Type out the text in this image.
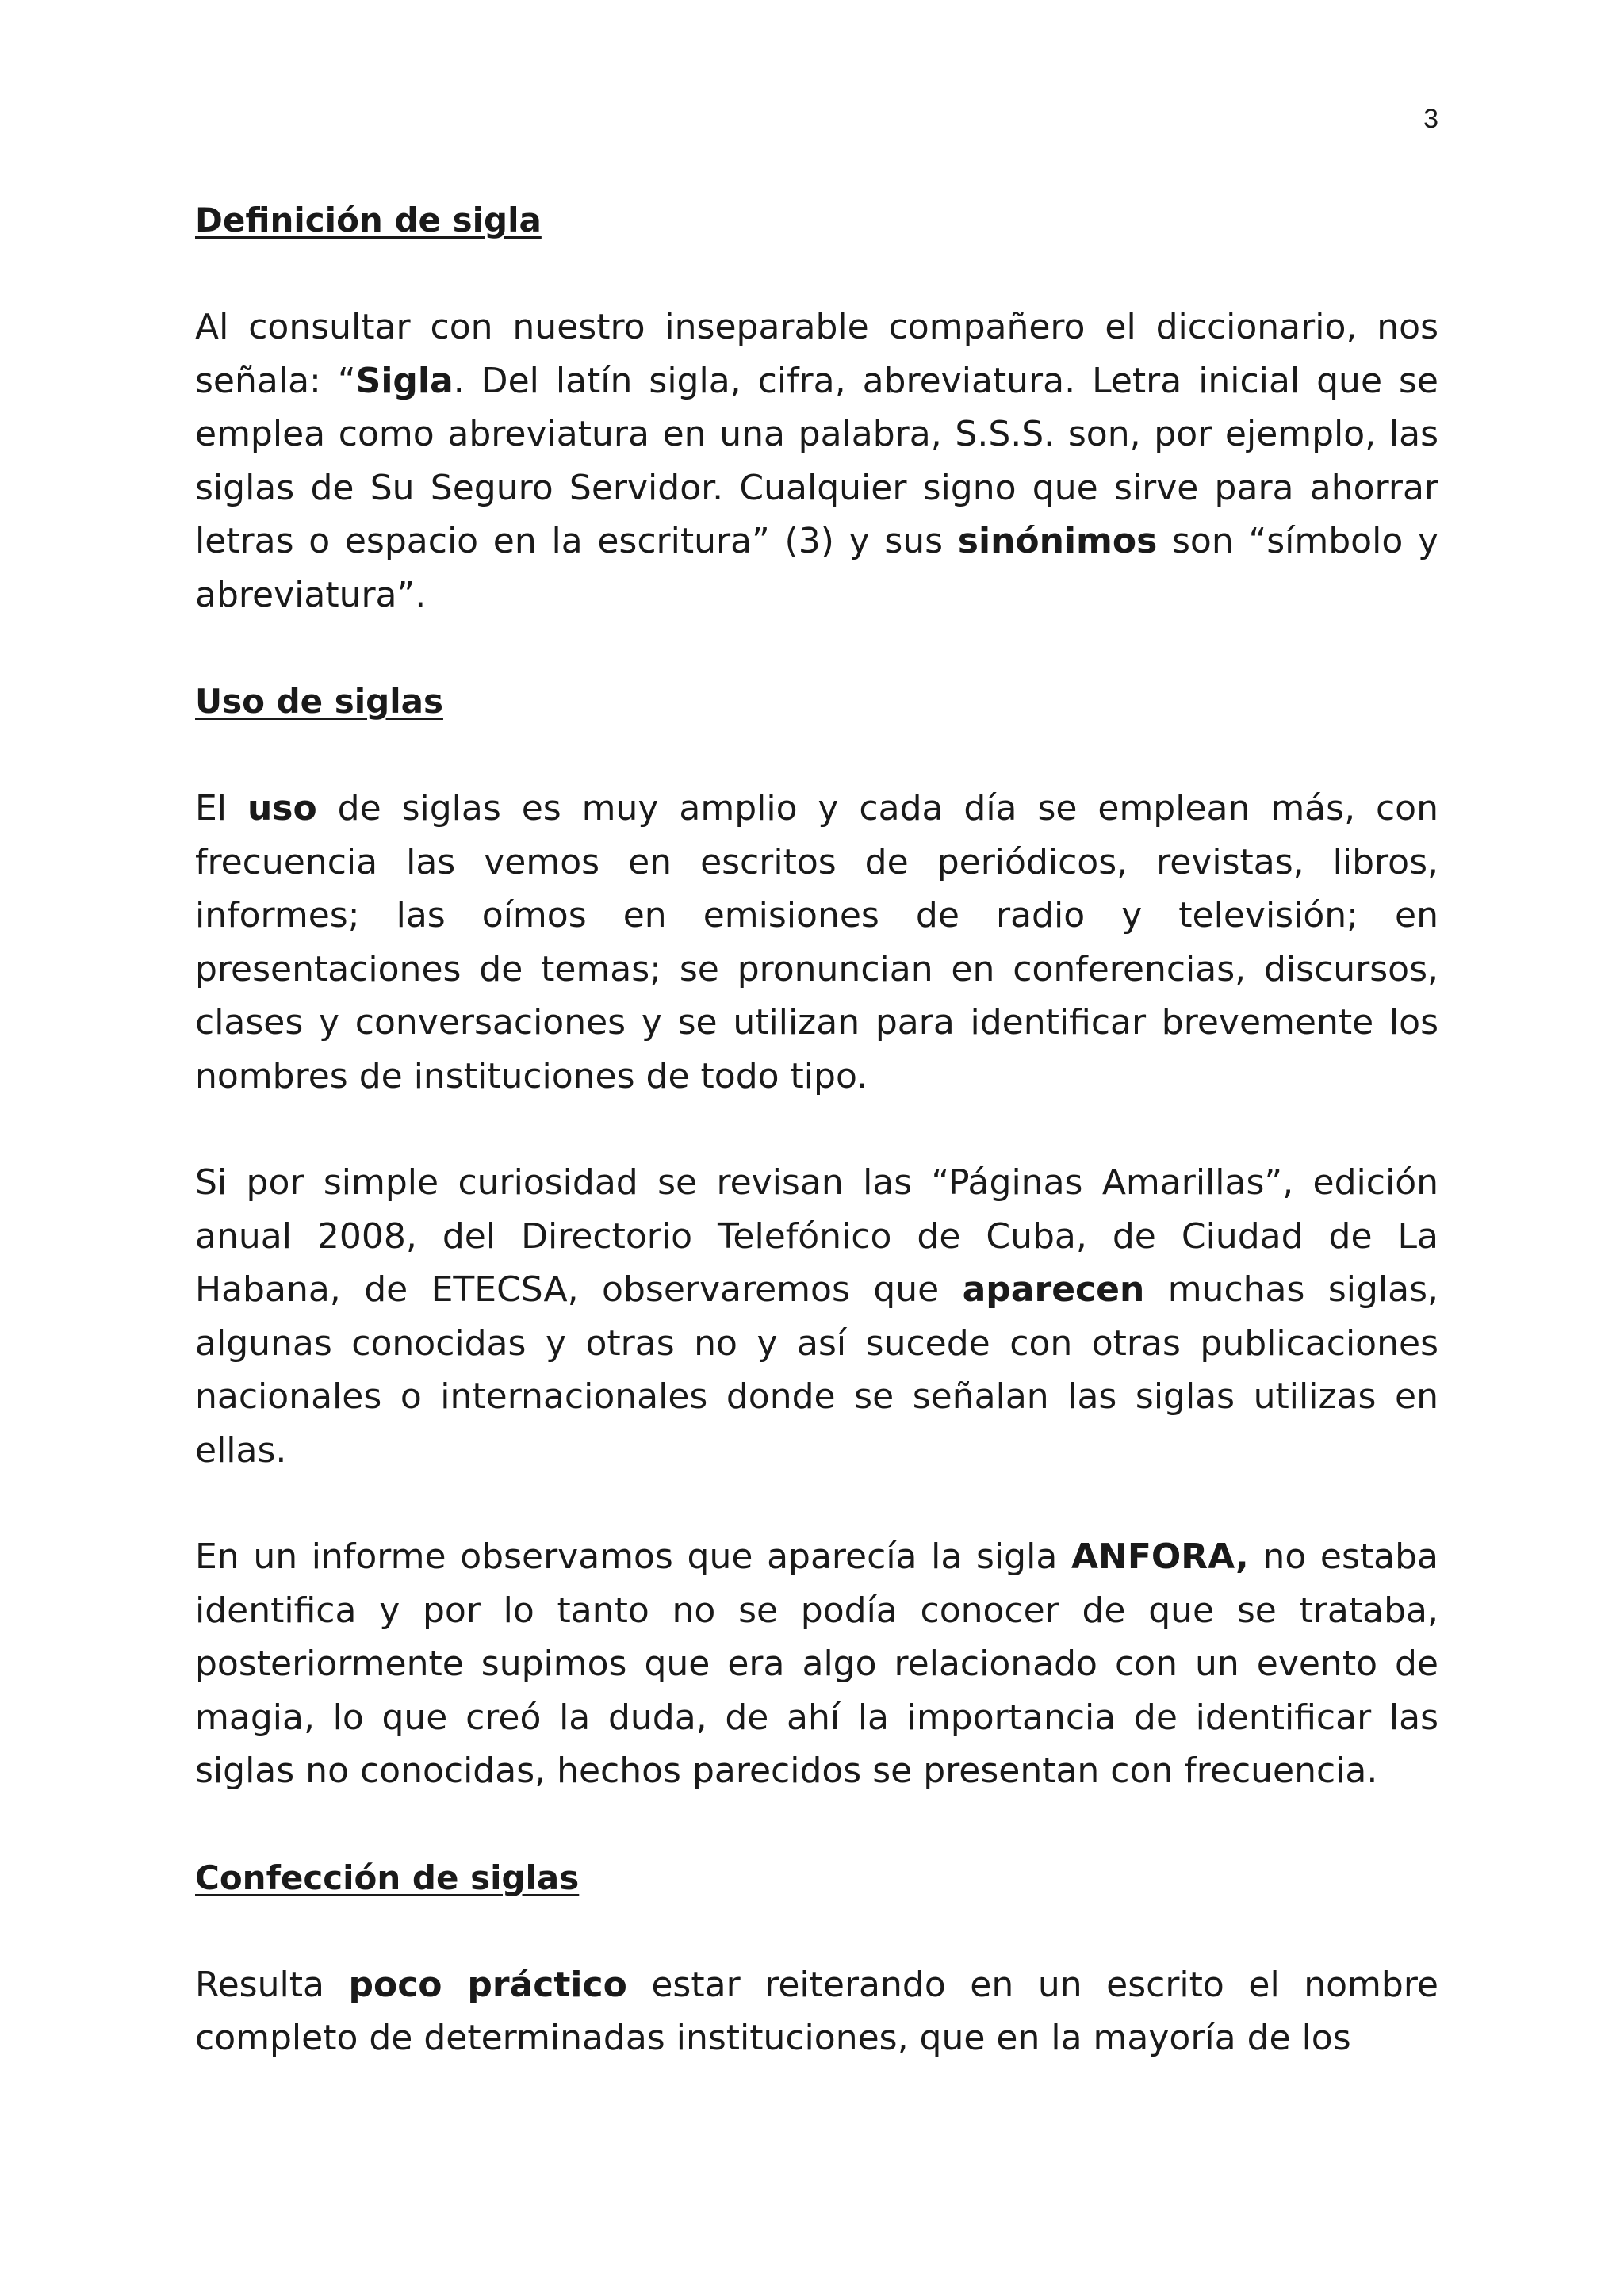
3
Definición de sigla

Al consultar con nuestro inseparable compañero el diccionario, nos señala: “Sigla. Del latín sigla, cifra, abreviatura. Letra inicial que se emplea como abreviatura en una palabra, S.S.S. son, por ejemplo, las siglas de Su Seguro Servidor. Cualquier signo que sirve para ahorrar letras o espacio en la escritura” (3) y sus sinónimos son “símbolo y abreviatura”.

Uso de siglas

El uso de siglas es muy amplio y cada día se emplean más, con frecuencia las vemos en escritos de periódicos, revistas, libros, informes; las oímos en emisiones de radio y televisión; en presentaciones de temas; se pronuncian en conferencias, discursos, clases y conversaciones y se utilizan para identificar brevemente los nombres de instituciones de todo tipo.

Si por simple curiosidad se revisan las “Páginas Amarillas”, edición anual 2008, del Directorio Telefónico de Cuba, de Ciudad de La Habana, de ETECSA, observaremos que aparecen muchas siglas, algunas conocidas y otras no y así sucede con otras publicaciones nacionales o internacionales donde se señalan las siglas utilizas en ellas.

En un informe observamos que aparecía la sigla ANFORA, no estaba identifica y por lo tanto no se podía conocer de que se trataba, posteriormente supimos que era algo relacionado con un evento de magia, lo que creó la duda, de ahí la importancia de identificar las siglas no conocidas, hechos parecidos se presentan con frecuencia.

Confección de siglas

Resulta poco práctico estar reiterando en un escrito el nombre completo de determinadas instituciones, que en la mayoría de los
